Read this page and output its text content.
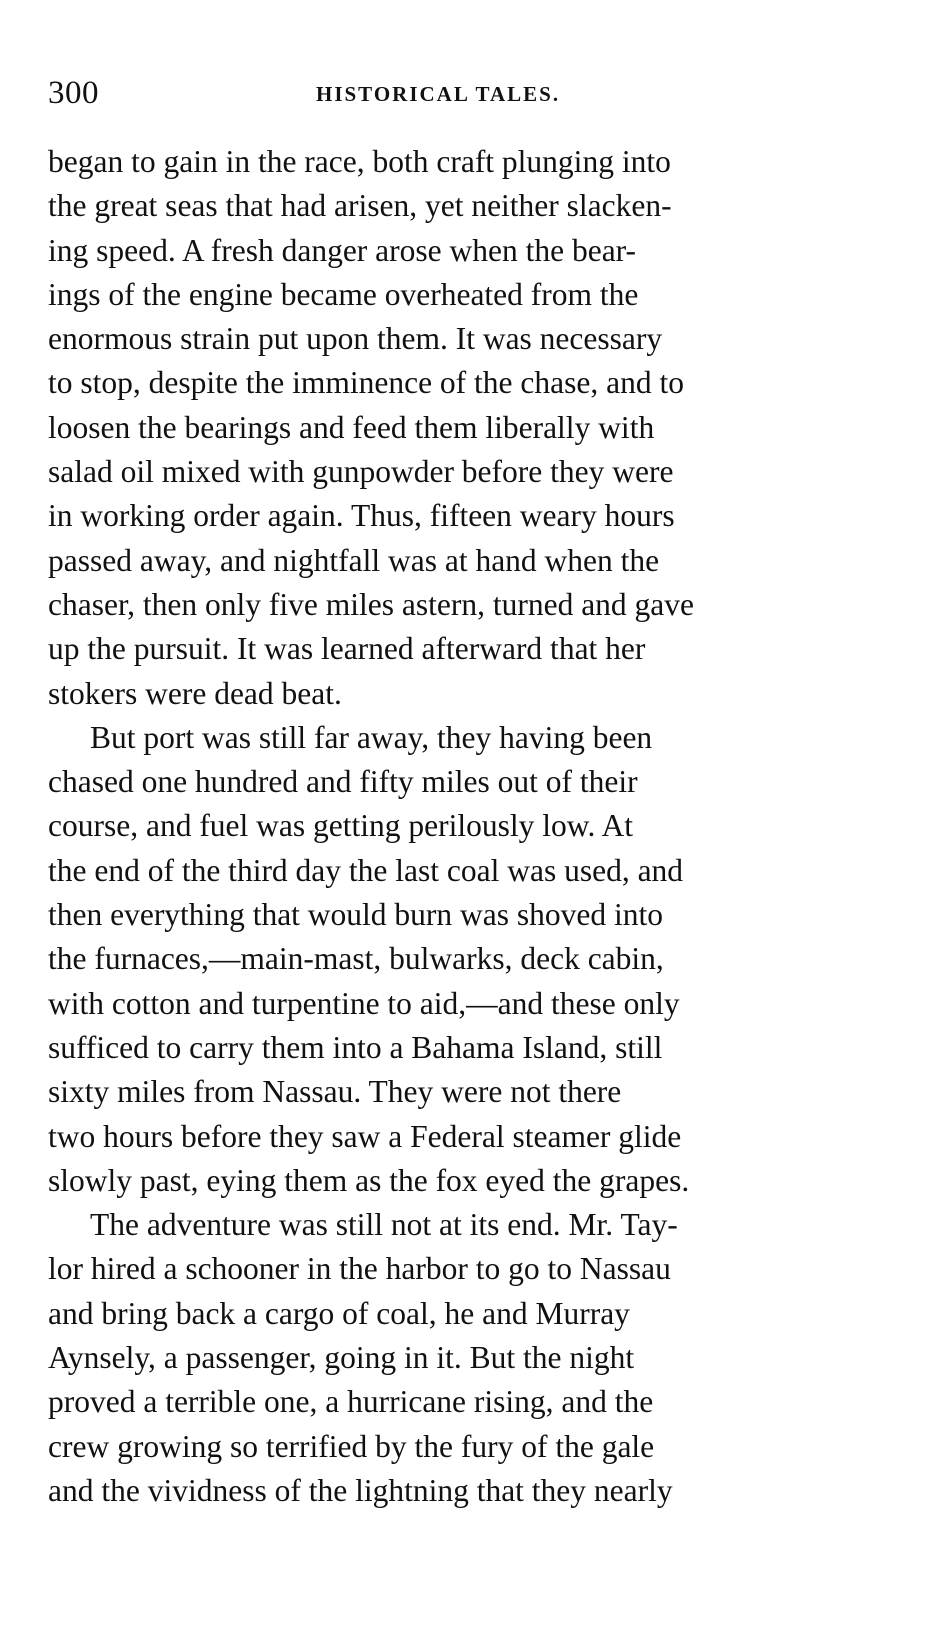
300	HISTORICAL TALES.
began to gain in the race, both craft plunging into
the great seas that had arisen, yet neither slacken-
ing speed. A fresh danger arose when the bear-
ings of the engine became overheated from the
enormous strain put upon them. It was necessary
to stop, despite the imminence of the chase, and to
loosen the bearings and feed them liberally with
salad oil mixed with gunpowder before they were
in working order again. Thus, fifteen weary hours
passed away, and nightfall was at hand when the
chaser, then only five miles astern, turned and gave
up the pursuit. It was learned afterward that her
stokers were dead beat.
But port was still far away, they having been
chased one hundred and fifty miles out of their
course, and fuel was getting perilously low. At
the end of the third day the last coal was used, and
then everything that would burn was shoved into
the furnaces,—main-mast, bulwarks, deck cabin,
with cotton and turpentine to aid,—and these only
sufficed to carry them into a Bahama Island, still
sixty miles from Nassau. They were not there
two hours before they saw a Federal steamer glide
slowly past, eying them as the fox eyed the grapes.
The adventure was still not at its end. Mr. Tay-
lor hired a schooner in the harbor to go to Nassau
and bring back a cargo of coal, he and Murray
Aynsely, a passenger, going in it. But the night
proved a terrible one, a hurricane rising, and the
crew growing so terrified by the fury of the gale
and the vividness of the lightning that they nearly
